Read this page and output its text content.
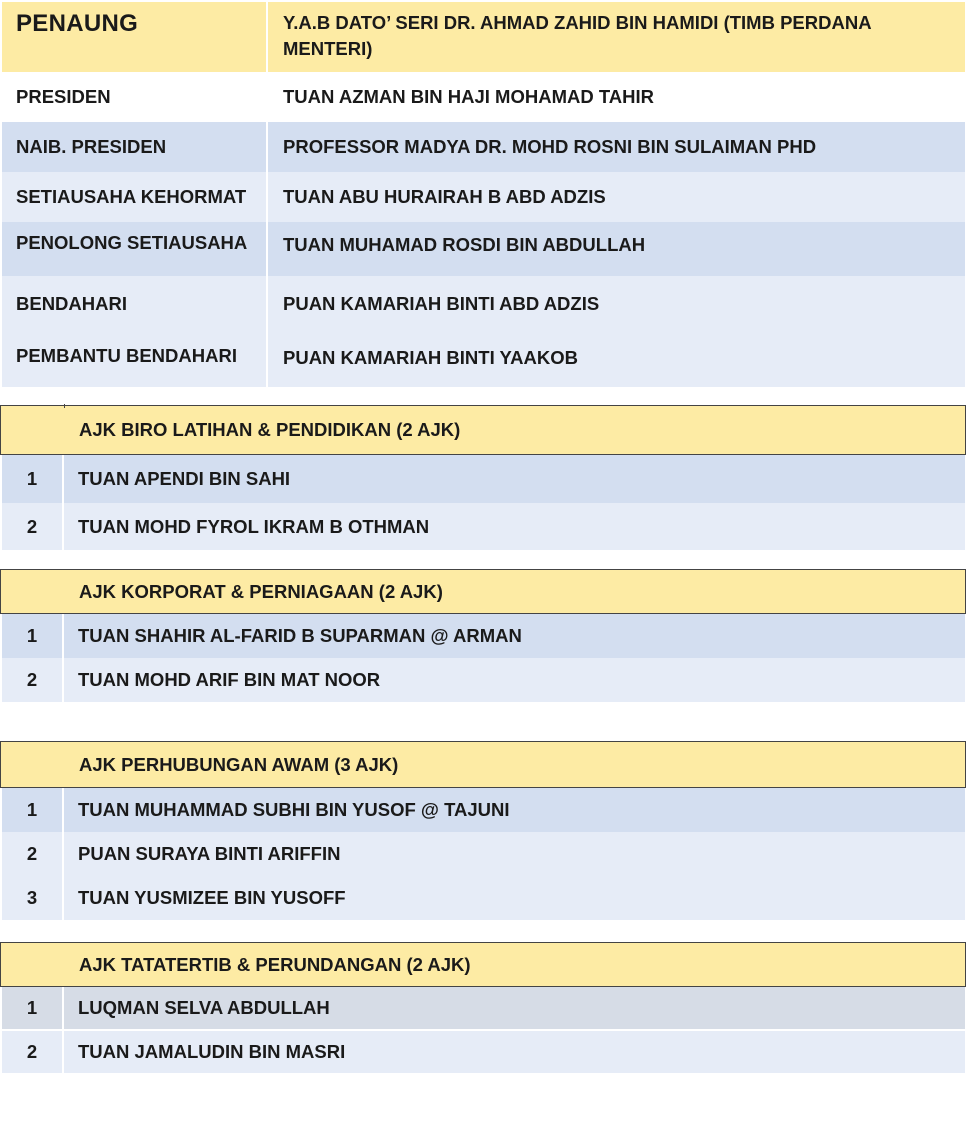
PENAUNG	Y.A.B DATO’ SERI DR. AHMAD ZAHID BIN HAMIDI (TIMB PERDANA MENTERI)
PRESIDEN	TUAN AZMAN BIN HAJI MOHAMAD TAHIR
NAIB. PRESIDEN	PROFESSOR MADYA DR. MOHD ROSNI BIN SULAIMAN PHD
SETIAUSAHA KEHORMAT	TUAN ABU HURAIRAH B ABD ADZIS
PENOLONG SETIAUSAHA	TUAN MUHAMAD ROSDI BIN ABDULLAH
BENDAHARI	PUAN KAMARIAH BINTI ABD ADZIS
PEMBANTU BENDAHARI	PUAN KAMARIAH BINTI YAAKOB
AJK BIRO LATIHAN & PENDIDIKAN (2 AJK)
1	TUAN APENDI BIN SAHI
2	TUAN MOHD FYROL IKRAM B OTHMAN
AJK KORPORAT & PERNIAGAAN (2 AJK)
1	TUAN SHAHIR AL-FARID B SUPARMAN @ ARMAN
2	TUAN MOHD ARIF BIN MAT NOOR
AJK PERHUBUNGAN AWAM (3 AJK)
1	TUAN MUHAMMAD SUBHI BIN YUSOF @ TAJUNI
2	PUAN SURAYA BINTI ARIFFIN
3	TUAN YUSMIZEE BIN YUSOFF
AJK TATATERTIB & PERUNDANGAN (2 AJK)
1	LUQMAN SELVA ABDULLAH
2	TUAN JAMALUDIN BIN MASRI
